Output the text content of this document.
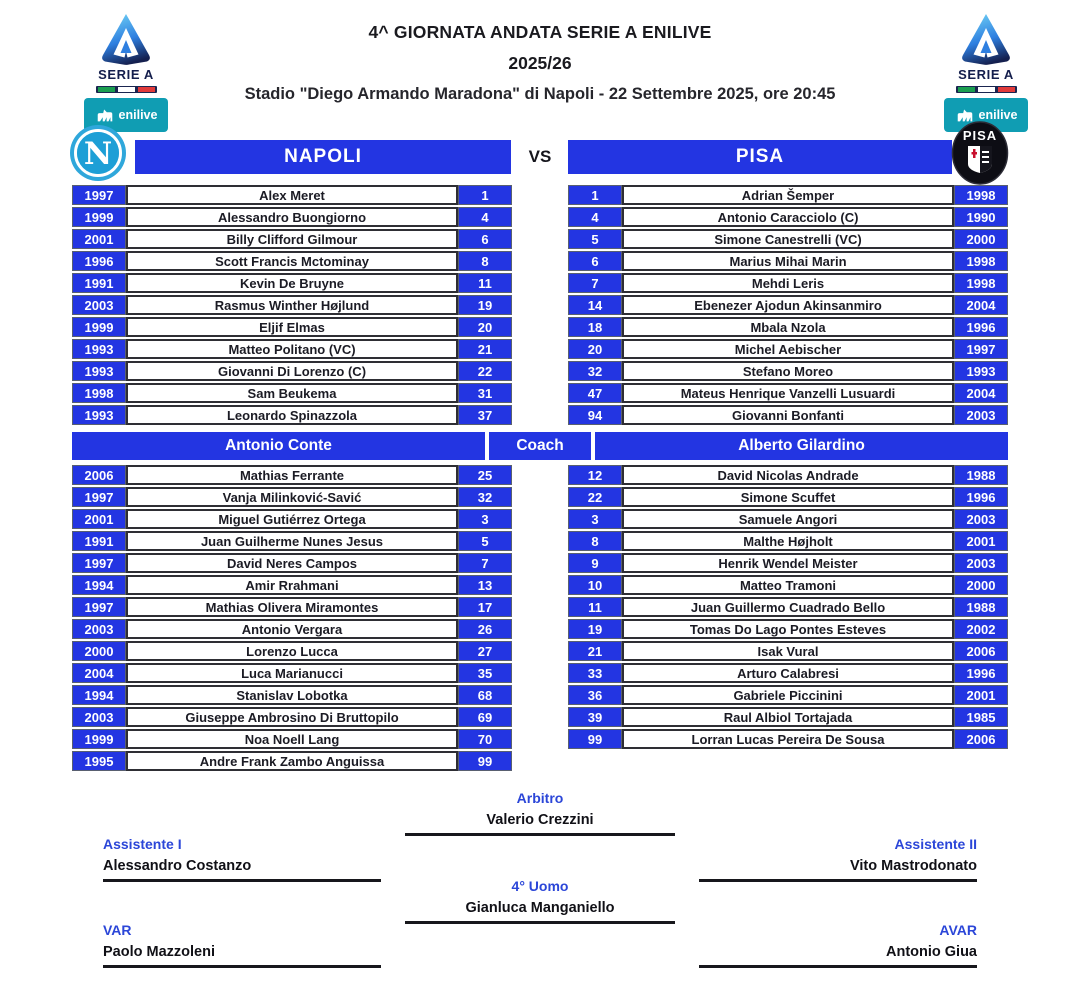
SERIE A
enilive
4^ GIORNATA ANDATA SERIE A ENILIVE
2025/26
Stadio "Diego Armando Maradona" di Napoli - 22 Settembre 2025, ore 20:45
SERIE A
enilive
N	NAPOLI	VS	PISA
PISA
1997	Alex Meret	1
1999	Alessandro Buongiorno	4
2001	Billy Clifford Gilmour	6
1996	Scott Francis Mctominay	8
1991	Kevin De Bruyne	11
2003	Rasmus Winther Højlund	19
1999	Eljif Elmas	20
1993	Matteo Politano (VC)	21
1993	Giovanni Di Lorenzo (C)	22
1998	Sam Beukema	31
1993	Leonardo Spinazzola	37
1	Adrian Šemper	1998
4	Antonio Caracciolo (C)	1990
5	Simone Canestrelli (VC)	2000
6	Marius Mihai Marin	1998
7	Mehdi Leris	1998
14	Ebenezer Ajodun Akinsanmiro	2004
18	Mbala Nzola	1996
20	Michel Aebischer	1997
32	Stefano Moreo	1993
47	Mateus Henrique Vanzelli Lusuardi	2004
94	Giovanni Bonfanti	2003
Antonio Conte	Coach	Alberto Gilardino
2006	Mathias Ferrante	25
1997	Vanja Milinković-Savić	32
2001	Miguel Gutiérrez Ortega	3
1991	Juan Guilherme Nunes Jesus	5
1997	David Neres Campos	7
1994	Amir Rrahmani	13
1997	Mathias Olivera Miramontes	17
2003	Antonio Vergara	26
2000	Lorenzo Lucca	27
2004	Luca Marianucci	35
1994	Stanislav Lobotka	68
2003	Giuseppe Ambrosino Di Bruttopilo	69
1999	Noa Noell Lang	70
1995	Andre Frank Zambo Anguissa	99
12	David Nicolas Andrade	1988
22	Simone Scuffet	1996
3	Samuele Angori	2003
8	Malthe Højholt	2001
9	Henrik Wendel Meister	2003
10	Matteo Tramoni	2000
11	Juan Guillermo Cuadrado Bello	1988
19	Tomas Do Lago Pontes Esteves	2002
21	Isak Vural	2006
33	Arturo Calabresi	1996
36	Gabriele Piccinini	2001
39	Raul Albiol Tortajada	1985
99	Lorran Lucas Pereira De Sousa	2006
Arbitro
Valerio Crezzini
Assistente I
Alessandro Costanzo
Assistente II
Vito Mastrodonato
4° Uomo
Gianluca Manganiello
VAR
Paolo Mazzoleni
AVAR
Antonio Giua
